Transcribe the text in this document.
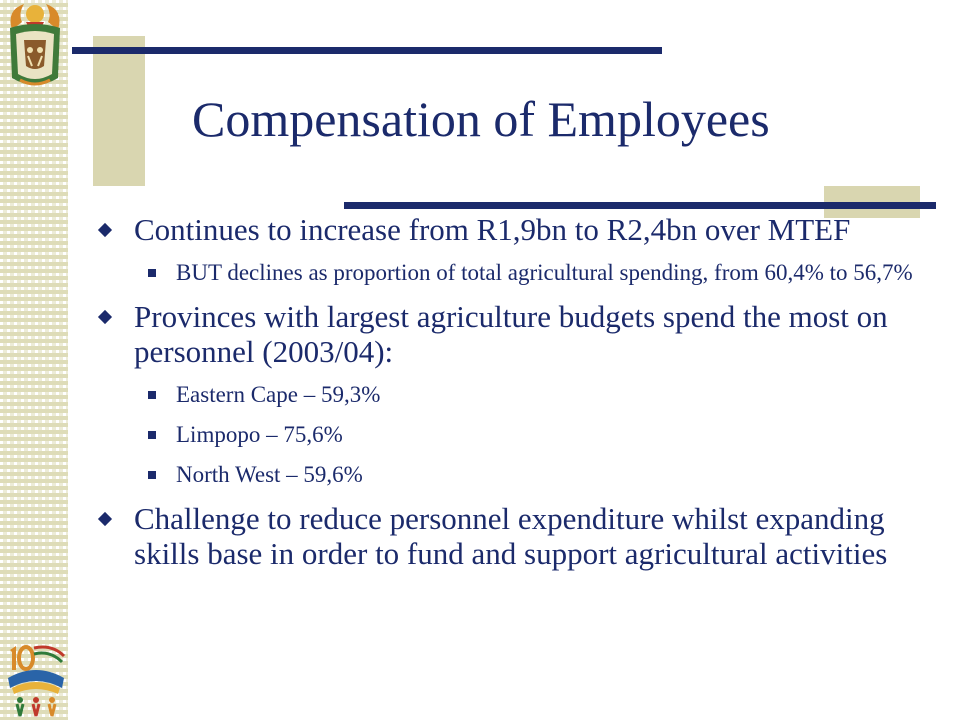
Compensation of Employees
Continues to increase from R1,9bn to R2,4bn over MTEF
BUT declines as proportion of total agricultural spending, from 60,4% to 56,7%
Provinces with largest agriculture budgets spend the most on personnel (2003/04):
Eastern Cape – 59,3%
Limpopo – 75,6%
North West – 59,6%
Challenge to reduce personnel expenditure whilst expanding skills base in order to fund and support agricultural activities
